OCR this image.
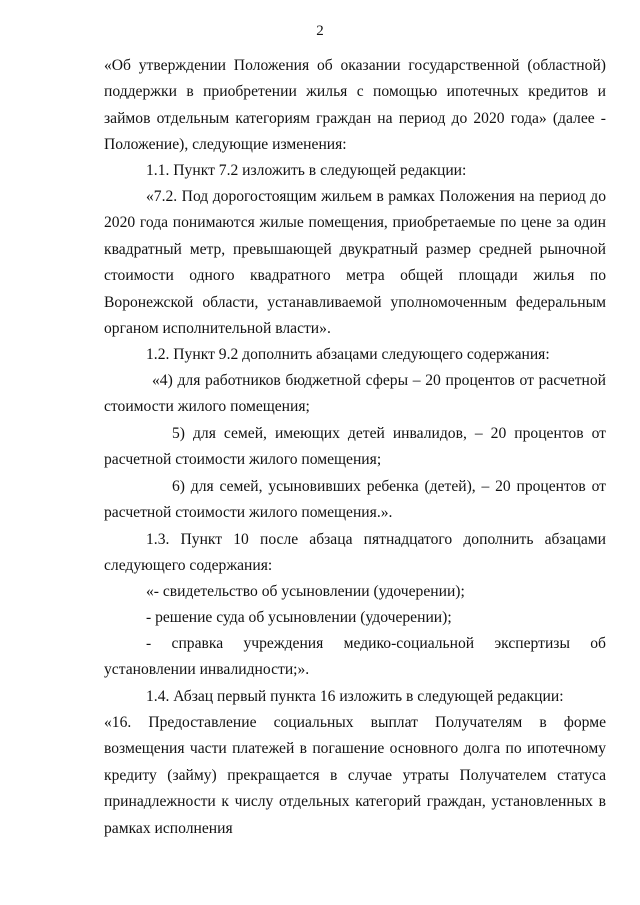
2
«Об утверждении Положения об оказании государственной (областной) поддержки в приобретении жилья с помощью ипотечных кредитов и займов отдельным категориям граждан на период до 2020 года» (далее - Положение), следующие изменения:
1.1. Пункт 7.2 изложить в следующей редакции:
«7.2. Под дорогостоящим жильем в рамках Положения на период до 2020 года понимаются жилые помещения, приобретаемые по цене за один квадратный метр, превышающей двукратный размер средней рыночной стоимости одного квадратного метра общей площади жилья по Воронежской области, устанавливаемой уполномоченным федеральным органом исполнительной власти».
1.2. Пункт 9.2 дополнить абзацами следующего содержания:
«4) для работников бюджетной сферы – 20 процентов от расчетной стоимости жилого помещения;
5) для семей, имеющих детей инвалидов, – 20 процентов от расчетной стоимости жилого помещения;
6) для семей, усыновивших ребенка (детей), – 20 процентов от расчетной стоимости жилого помещения.».
1.3. Пункт 10 после абзаца пятнадцатого дополнить абзацами следующего содержания:
«- свидетельство об усыновлении (удочерении);
- решение суда об усыновлении (удочерении);
- справка учреждения медико-социальной экспертизы об установлении инвалидности;».
1.4. Абзац первый пункта 16 изложить в следующей редакции:
«16. Предоставление социальных выплат Получателям в форме возмещения части платежей в погашение основного долга по ипотечному кредиту (займу) прекращается в случае утраты Получателем статуса принадлежности к числу отдельных категорий граждан, установленных в рамках исполнения
